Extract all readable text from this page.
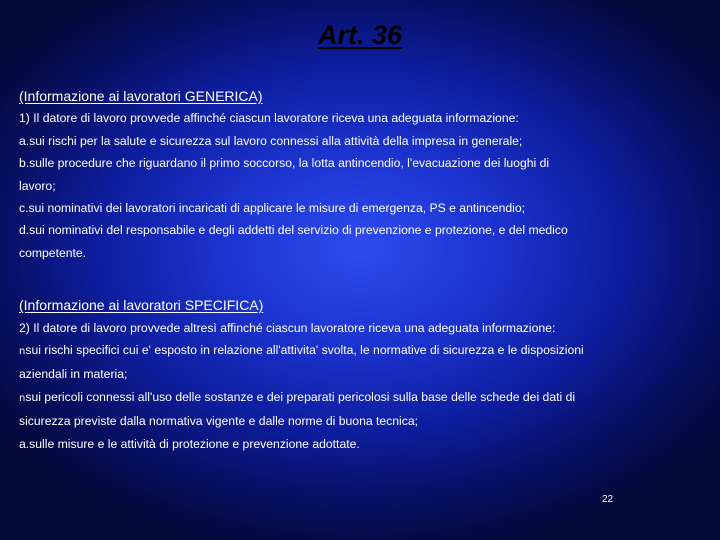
Art. 36
(Informazione ai lavoratori GENERICA)
1) Il datore di lavoro provvede affinché ciascun lavoratore riceva una adeguata informazione:
a.sui rischi per la salute e sicurezza sul lavoro connessi alla attività della impresa in generale;
b.sulle procedure che riguardano il primo soccorso, la lotta antincendio, l'evacuazione dei luoghi di
lavoro;
c.sui nominativi dei lavoratori incaricati di applicare le misure di emergenza, PS e antincendio;
d.sui nominativi del responsabile e degli addetti del servizio di prevenzione e protezione, e del medico
competente.
(Informazione ai lavoratori SPECIFICA)
2) Il datore di lavoro provvede altresì affinché ciascun lavoratore riceva una adeguata informazione:
nsui rischi specifici cui e' esposto in relazione all'attivita' svolta, le normative di sicurezza e le disposizioni
aziendali in materia;
nsui pericoli connessi all'uso delle sostanze e dei preparati pericolosi sulla base delle schede dei dati di
sicurezza previste dalla normativa vigente e dalle norme di buona tecnica;
a.sulle misure e le attività di protezione e prevenzione adottate.
22
